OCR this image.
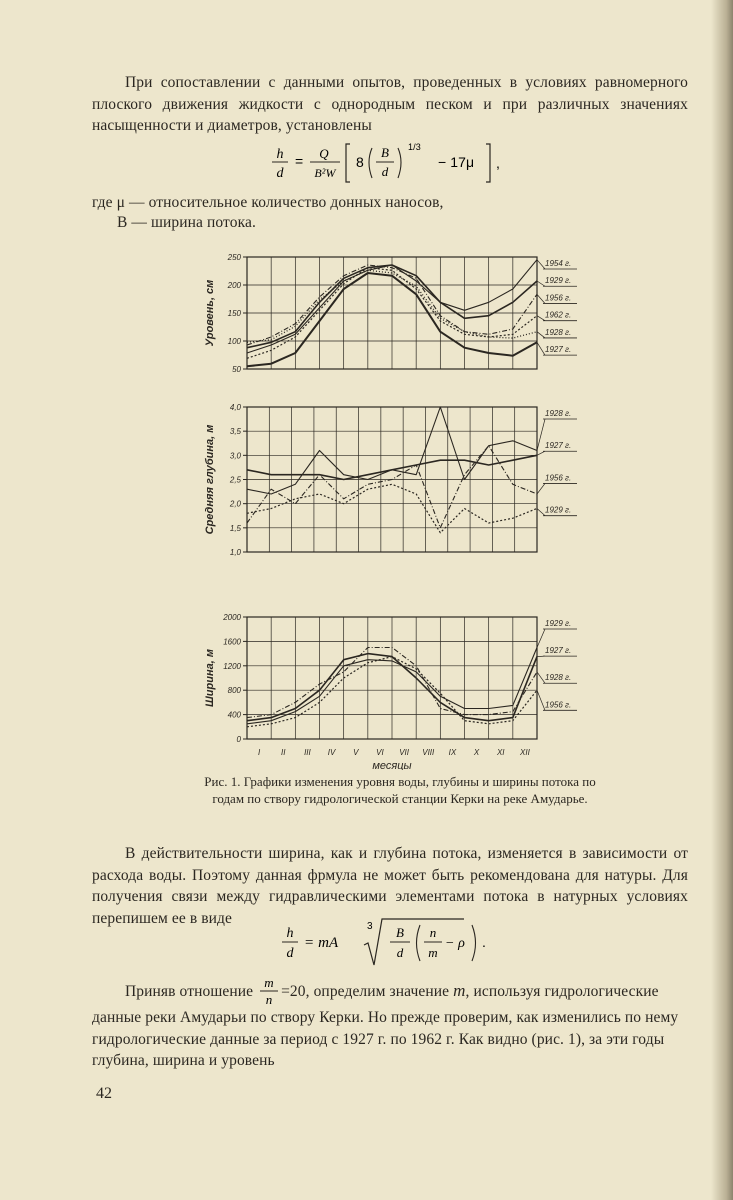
При сопоставлении с данными опытов, проведенных в условиях равномерного плоского движения жидкости с однородным песком и при различных значениях насыщенности и диаметров, установлены
h
d
= Q
B²W
8
B
d
1/3
− 17μ ,
где μ — относительное количество донных наносов,
B — ширина потока.
250
200
150
100
50
Уровень, см
1954 г.
1929 г.
1956 г.
1962 г.
1928 г.
1927 г.
4,0
3,5
3,0
2,5
2,0
1,5
1,0
Средняя глубина, м
1928 г.
1927 г.
1956 г.
1929 г.
2000
1600
1200
800
400
0
Ширина, м
1929 г.
1927 г.
1928 г.
1956 г.
I	II III IV V VI VII VIII IX X XI XII
месяцы
Рис. 1. Графики изменения уровня воды, глубины и ширины потока по годам по створу гидрологической станции Керки на реке Амударье.
В действительности ширина, как и глубина потока, изменяется в зависимости от расхода воды. Поэтому данная фрмула не может быть рекомендована для натуры. Для получения связи между гидравлическими элементами потока в натурных условиях перепишем ее в виде
h
d
= mA
3 B
d
n
m
− ρ .
Приняв отношение
m
n =20, определим значение m, используя гидрологические данные реки Амударьи по створу Керки. Но прежде проверим, как изменились по нему гидрологические данные за период с 1927 г. по 1962 г. Как видно (рис. 1), за эти годы глубина, ширина и уровень
42
